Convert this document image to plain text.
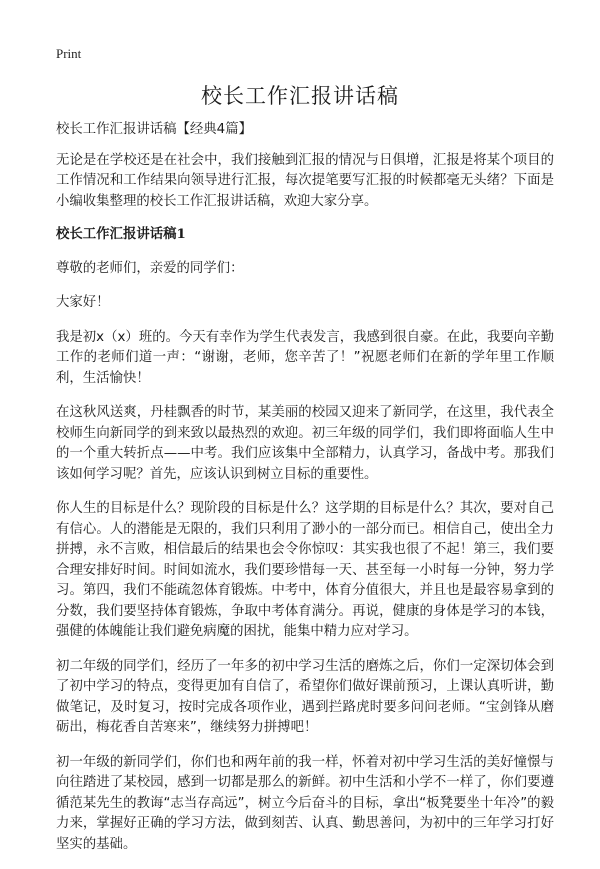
Print
校长工作汇报讲话稿

校长工作汇报讲话稿【经典4篇】

无论是在学校还是在社会中，我们接触到汇报的情况与日俱增，汇报是将某个项目的工作情况和工作结果向领导进行汇报，每次提笔要写汇报的时候都毫无头绪？下面是小编收集整理的校长工作汇报讲话稿，欢迎大家分享。

校长工作汇报讲话稿1

尊敬的老师们，亲爱的同学们：

大家好！

我是初x（x）班的。今天有幸作为学生代表发言，我感到很自豪。在此，我要向辛勤工作的老师们道一声：“谢谢，老师，您辛苦了！”祝愿老师们在新的学年里工作顺利，生活愉快！

在这秋风送爽，丹桂飘香的时节，某美丽的校园又迎来了新同学，在这里，我代表全校师生向新同学的到来致以最热烈的欢迎。初三年级的同学们，我们即将面临人生中的一个重大转折点——中考。我们应该集中全部精力，认真学习，备战中考。那我们该如何学习呢？首先，应该认识到树立目标的重要性。

你人生的目标是什么？现阶段的目标是什么？这学期的目标是什么？其次，要对自己有信心。人的潜能是无限的，我们只利用了渺小的一部分而已。相信自己，使出全力拼搏，永不言败，相信最后的结果也会令你惊叹：其实我也很了不起！第三，我们要合理安排好时间。时间如流水，我们要珍惜每一天、甚至每一小时每一分钟，努力学习。第四，我们不能疏忽体育锻炼。中考中，体育分值很大，并且也是最容易拿到的分数，我们要坚持体育锻炼，争取中考体育满分。再说，健康的身体是学习的本钱，强健的体魄能让我们避免病魔的困扰，能集中精力应对学习。

初二年级的同学们，经历了一年多的初中学习生活的磨炼之后，你们一定深切体会到了初中学习的特点，变得更加有自信了，希望你们做好课前预习，上课认真听讲，勤做笔记，及时复习，按时完成各项作业，遇到拦路虎时要多问问老师。“宝剑锋从磨砺出，梅花香自苦寒来”，继续努力拼搏吧！

初一年级的新同学们，你们也和两年前的我一样，怀着对初中学习生活的美好憧憬与向往踏进了某校园，感到一切都是那么的新鲜。初中生活和小学不一样了，你们要遵循范某先生的教诲“志当存高远”，树立今后奋斗的目标，拿出“板凳要坐十年冷”的毅力来，掌握好正确的学习方法，做到刻苦、认真、勤思善问，为初中的三年学习打好坚实的基础。
